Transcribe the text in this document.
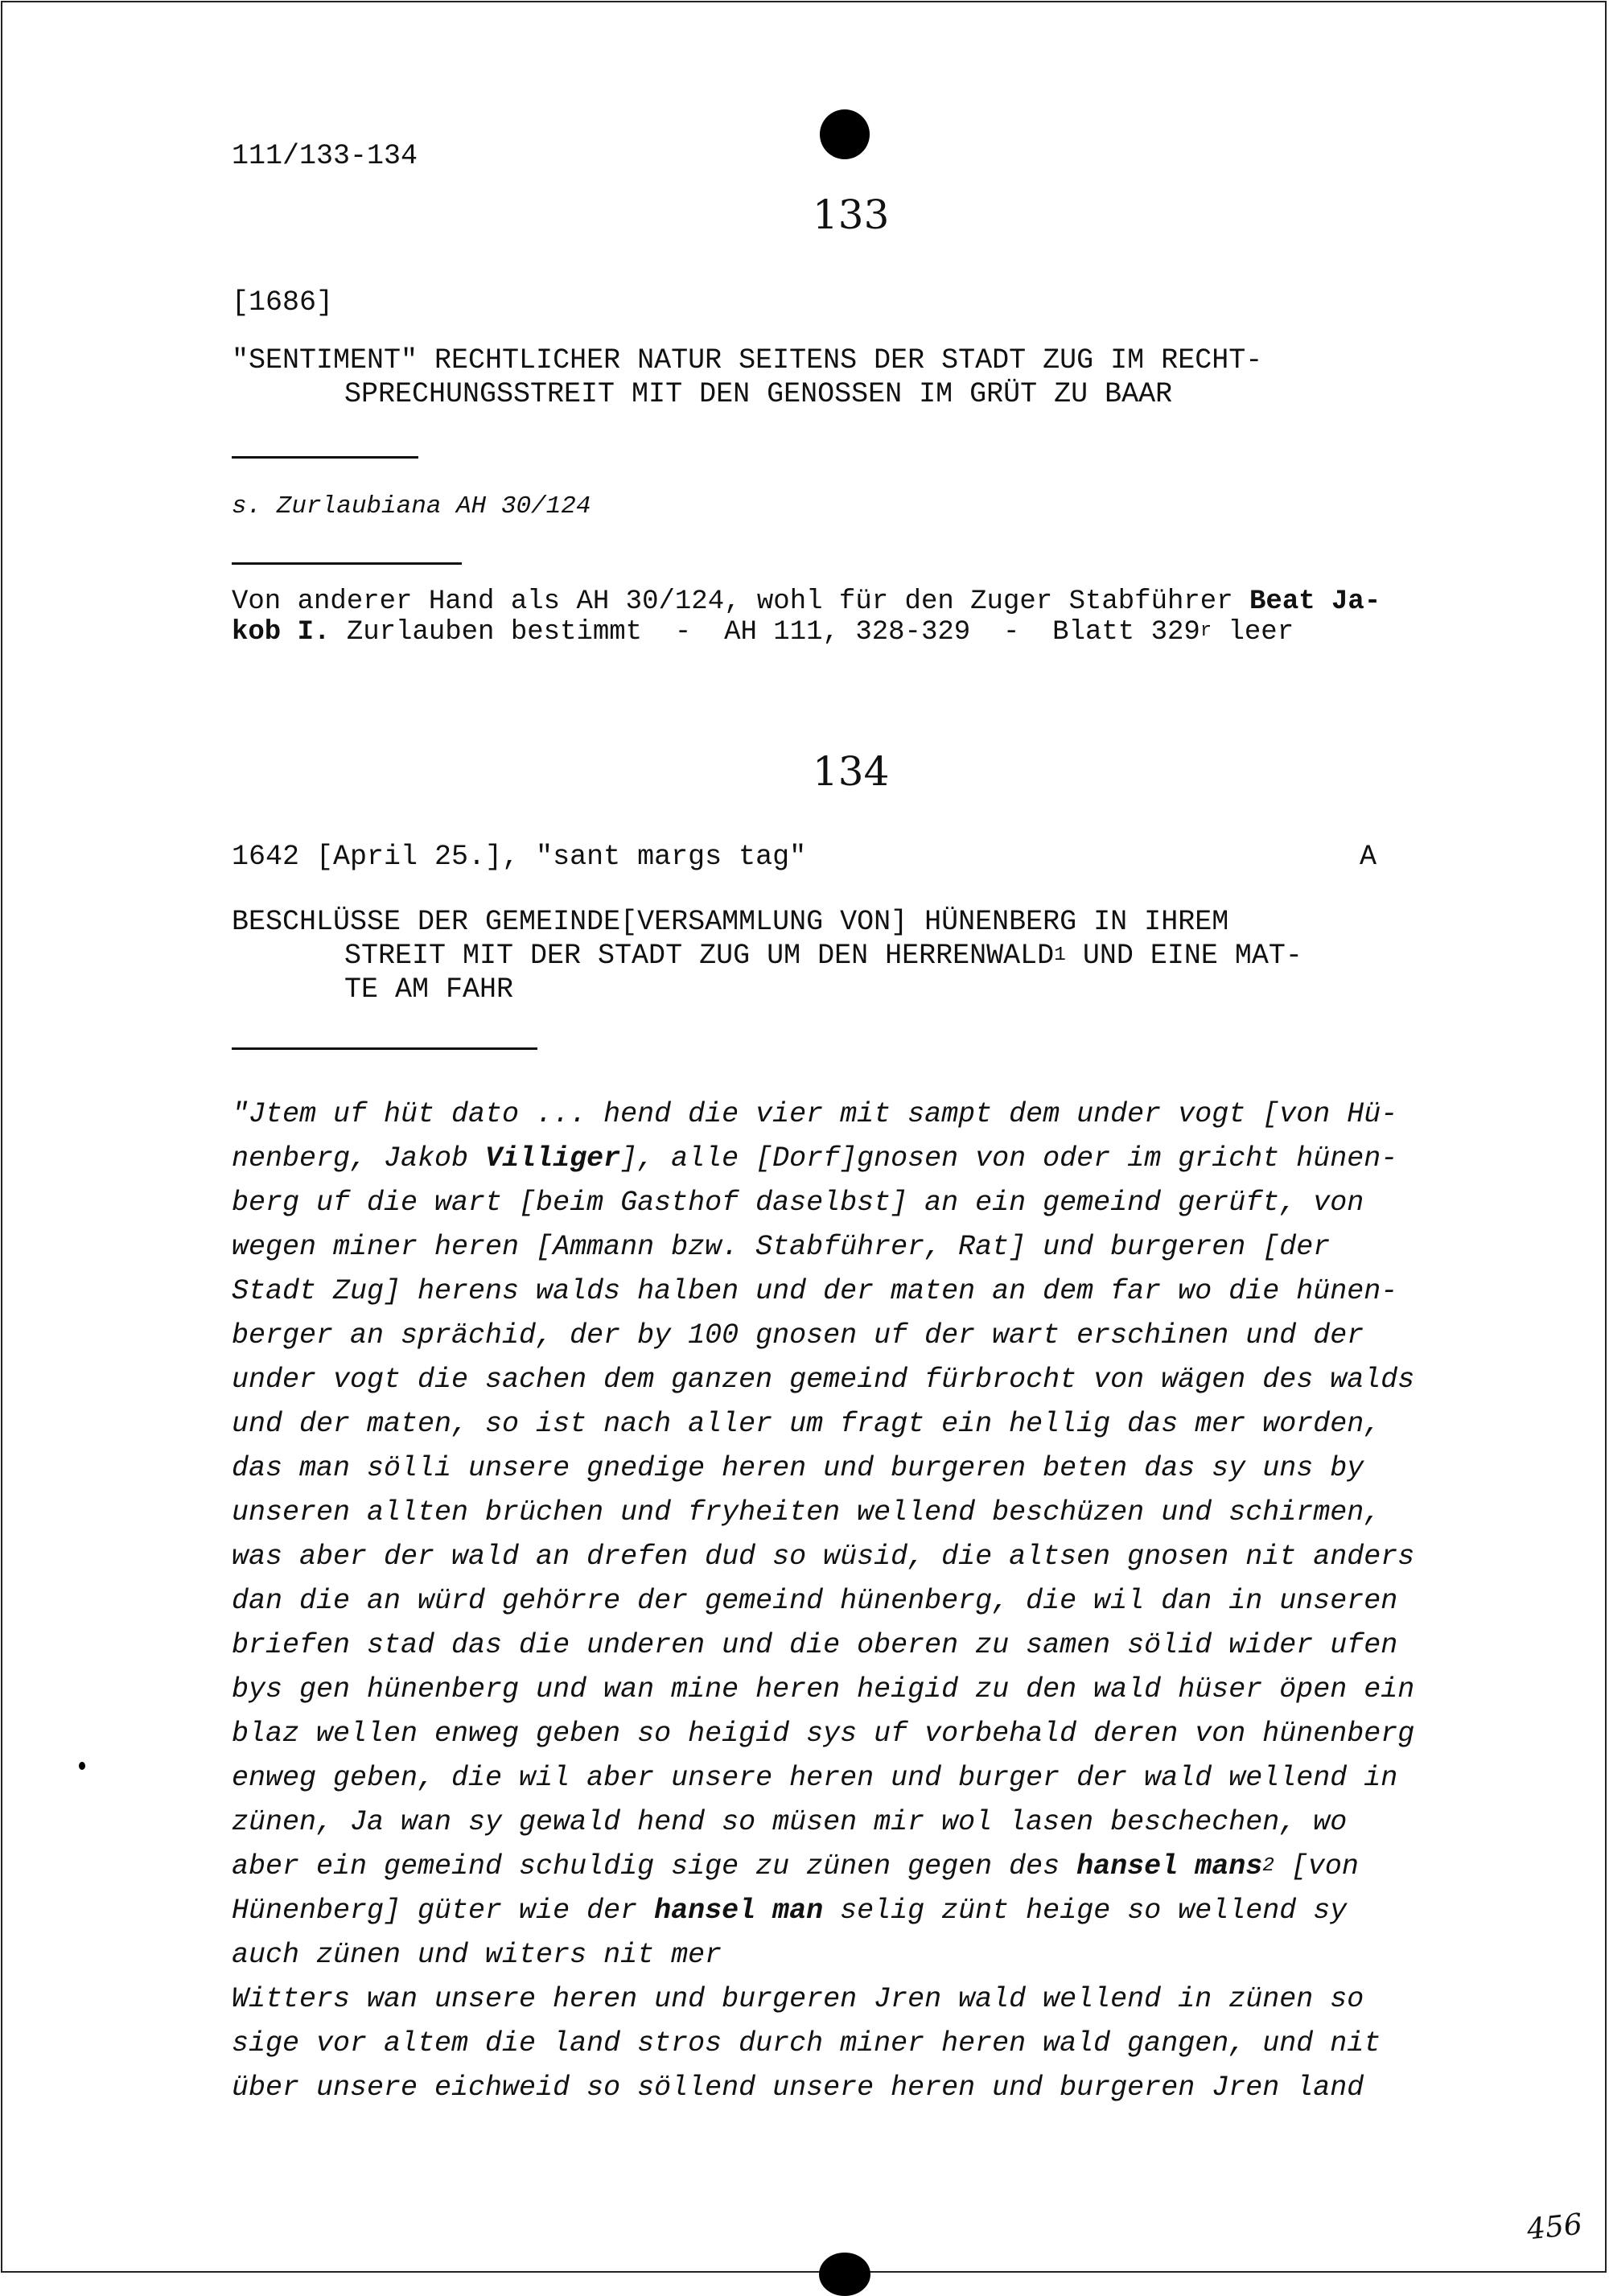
111/133-134
133
[1686]
"SENTIMENT" RECHTLICHER NATUR SEITENS DER STADT ZUG IM RECHT-
SPRECHUNGSSTREIT MIT DEN GENOSSEN IM GRÜT ZU BAAR
s. Zurlaubiana AH 30/124
Von anderer Hand als AH 30/124, wohl für den Zuger Stabführer Beat Ja-
kob I. Zurlauben bestimmt  -  AH 111, 328-329  -  Blatt 329$^r$ leer
134
1642 [April 25.], "sant margs tag"	A
BESCHLÜSSE DER GEMEINDE[VERSAMMLUNG VON] HÜNENBERG IN IHREM
STREIT MIT DER STADT ZUG UM DEN HERRENWALD$^1$ UND EINE MAT-
TE AM FAHR
"Jtem uf hüt dato ... hend die vier mit sampt dem under vogt [von Hü-
nenberg, Jakob Villiger], alle [Dorf]gnosen von oder im gricht hünen-
berg uf die wart [beim Gasthof daselbst] an ein gemeind gerüft, von
wegen miner heren [Ammann bzw. Stabführer, Rat] und burgeren [der
Stadt Zug] herens walds halben und der maten an dem far wo die hünen-
berger an sprächid, der by 100 gnosen uf der wart erschinen und der
under vogt die sachen dem ganzen gemeind fürbrocht von wägen des walds
und der maten, so ist nach aller um fragt ein hellig das mer worden,
das man sölli unsere gnedige heren und burgeren beten das sy uns by
unseren allten brüchen und fryheiten wellend beschüzen und schirmen,
was aber der wald an drefen dud so wüsid, die altsen gnosen nit anders
dan die an würd gehörre der gemeind hünenberg, die wil dan in unseren
briefen stad das die underen und die oberen zu samen sölid wider ufen
bys gen hünenberg und wan mine heren heigid zu den wald hüser öpen ein
blaz wellen enweg geben so heigid sys uf vorbehald deren von hünenberg
enweg geben, die wil aber unsere heren und burger der wald wellend in
zünen, Ja wan sy gewald hend so müsen mir wol lasen beschechen, wo
aber ein gemeind schuldig sige zu zünen gegen des hansel mans$^2$ [von
Hünenberg] güter wie der hansel man selig zünt heige so wellend sy
auch zünen und witers nit mer
Witters wan unsere heren und burgeren Jren wald wellend in zünen so
sige vor altem die land stros durch miner heren wald gangen, und nit
über unsere eichweid so söllend unsere heren und burgeren Jren land
456
